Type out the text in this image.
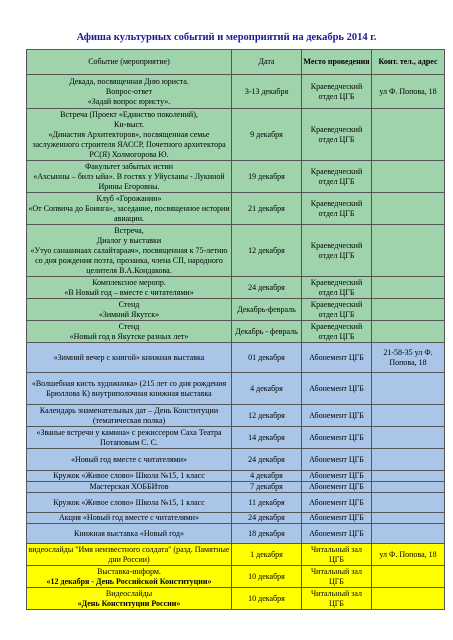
Афиша культурных событий и мероприятий на декабрь 2014 г.
Событие (мероприятие)	Дата	Место проведения	Конт. тел., адрес

Декада, посвященная Дню юриста.
Вопрос-ответ
«Задай вопрос юристу».	3-13 декабря	Краеведческий отдел ЦГБ	ул Ф. Попова, 18

Встреча (Проект «Единство поколений),
Кн-выст.
«Династия Архитекторов», посвященная семье заслуженного строителя ЯАССР, Почетного архитектора РС(Я) Холмогорова Ю.	9 декабря	Краеведческий отдел ЦГБ	

Факультет забытых истин
«Ахсынны – билэ ыйа». В гостях у Уйусханы - Лукиной Ирины Егоровны.	19 декабря	Краеведческий отдел ЦГБ	

Клуб «Горожанин»
«От Сопвича до Боинга», заседание, посвященное истории авиации.	21 декабря	Краеведческий отдел ЦГБ	

Встреча,
Диалог у выставки
«Утуо санааннаах салайтараач», посвященная к 75-летию со дня рождения поэта, прозаика, члена СП, народного целителя В.А.Кондакова.	12 декабря	Краеведческий отдел ЦГБ	

Комплексное меропр.
«В Новый год – вместе с читателями»	24 декабря	Краеведческий отдел ЦГБ	

Стенд
«Зимний Якутск»	Декабрь-февраль	Краеведческий отдел ЦГБ	

Стенд
«Новый год в Якутске разных лет»	Декабрь - февраль	Краеведческий отдел ЦГБ	

«Зимний вечер с книгой» книжная выставка	01 декабря	Абонемент ЦГБ	21-58-35 ул Ф. Попова, 18

«Волшебная кисть художника» (215 лет со дня рождения Брюллова К) внутриполочная книжная выставка	4 декабря	Абонемент ЦГБ	

Календарь знаменательных дат – День Конституции (тематическая полка)	12 декабря	Абонемент ЦГБ	

«Званые встречи у камина» с режиссером Саха Театра Потаповым С. С.	14 декабря	Абонемент ЦГБ	

«Новый год вместе с читателями»	24 декабря	Абонемент ЦГБ	

Кружок «Живое слово» Школа №15, 1 класс	4 декабря	Абонемент ЦГБ	

Мастерская ХОББИтов	7 декабря	Абонемент ЦГБ	

Кружок «Живое слово» Школа №15, 1 класс	11 декабря	Абонемент ЦГБ	

Акция «Новый год вместе с читателями»	24 декабря	Абонемент ЦГБ	

Книжная выставка «Новый год»	18 декабря	Абонемент ЦГБ	

видеослайды "Имя неизвестного солдата" (разд. Памятные дни России)	1 декабря	Читальный зал ЦГБ	ул Ф. Попова, 18

Выставка-информ.
«12 декабря - День Российской Конституции»	10 декабря	Читальный зал ЦГБ	

Видеослайды
«День Конституции России»	10 декабря	Читальный зал ЦГБ	
